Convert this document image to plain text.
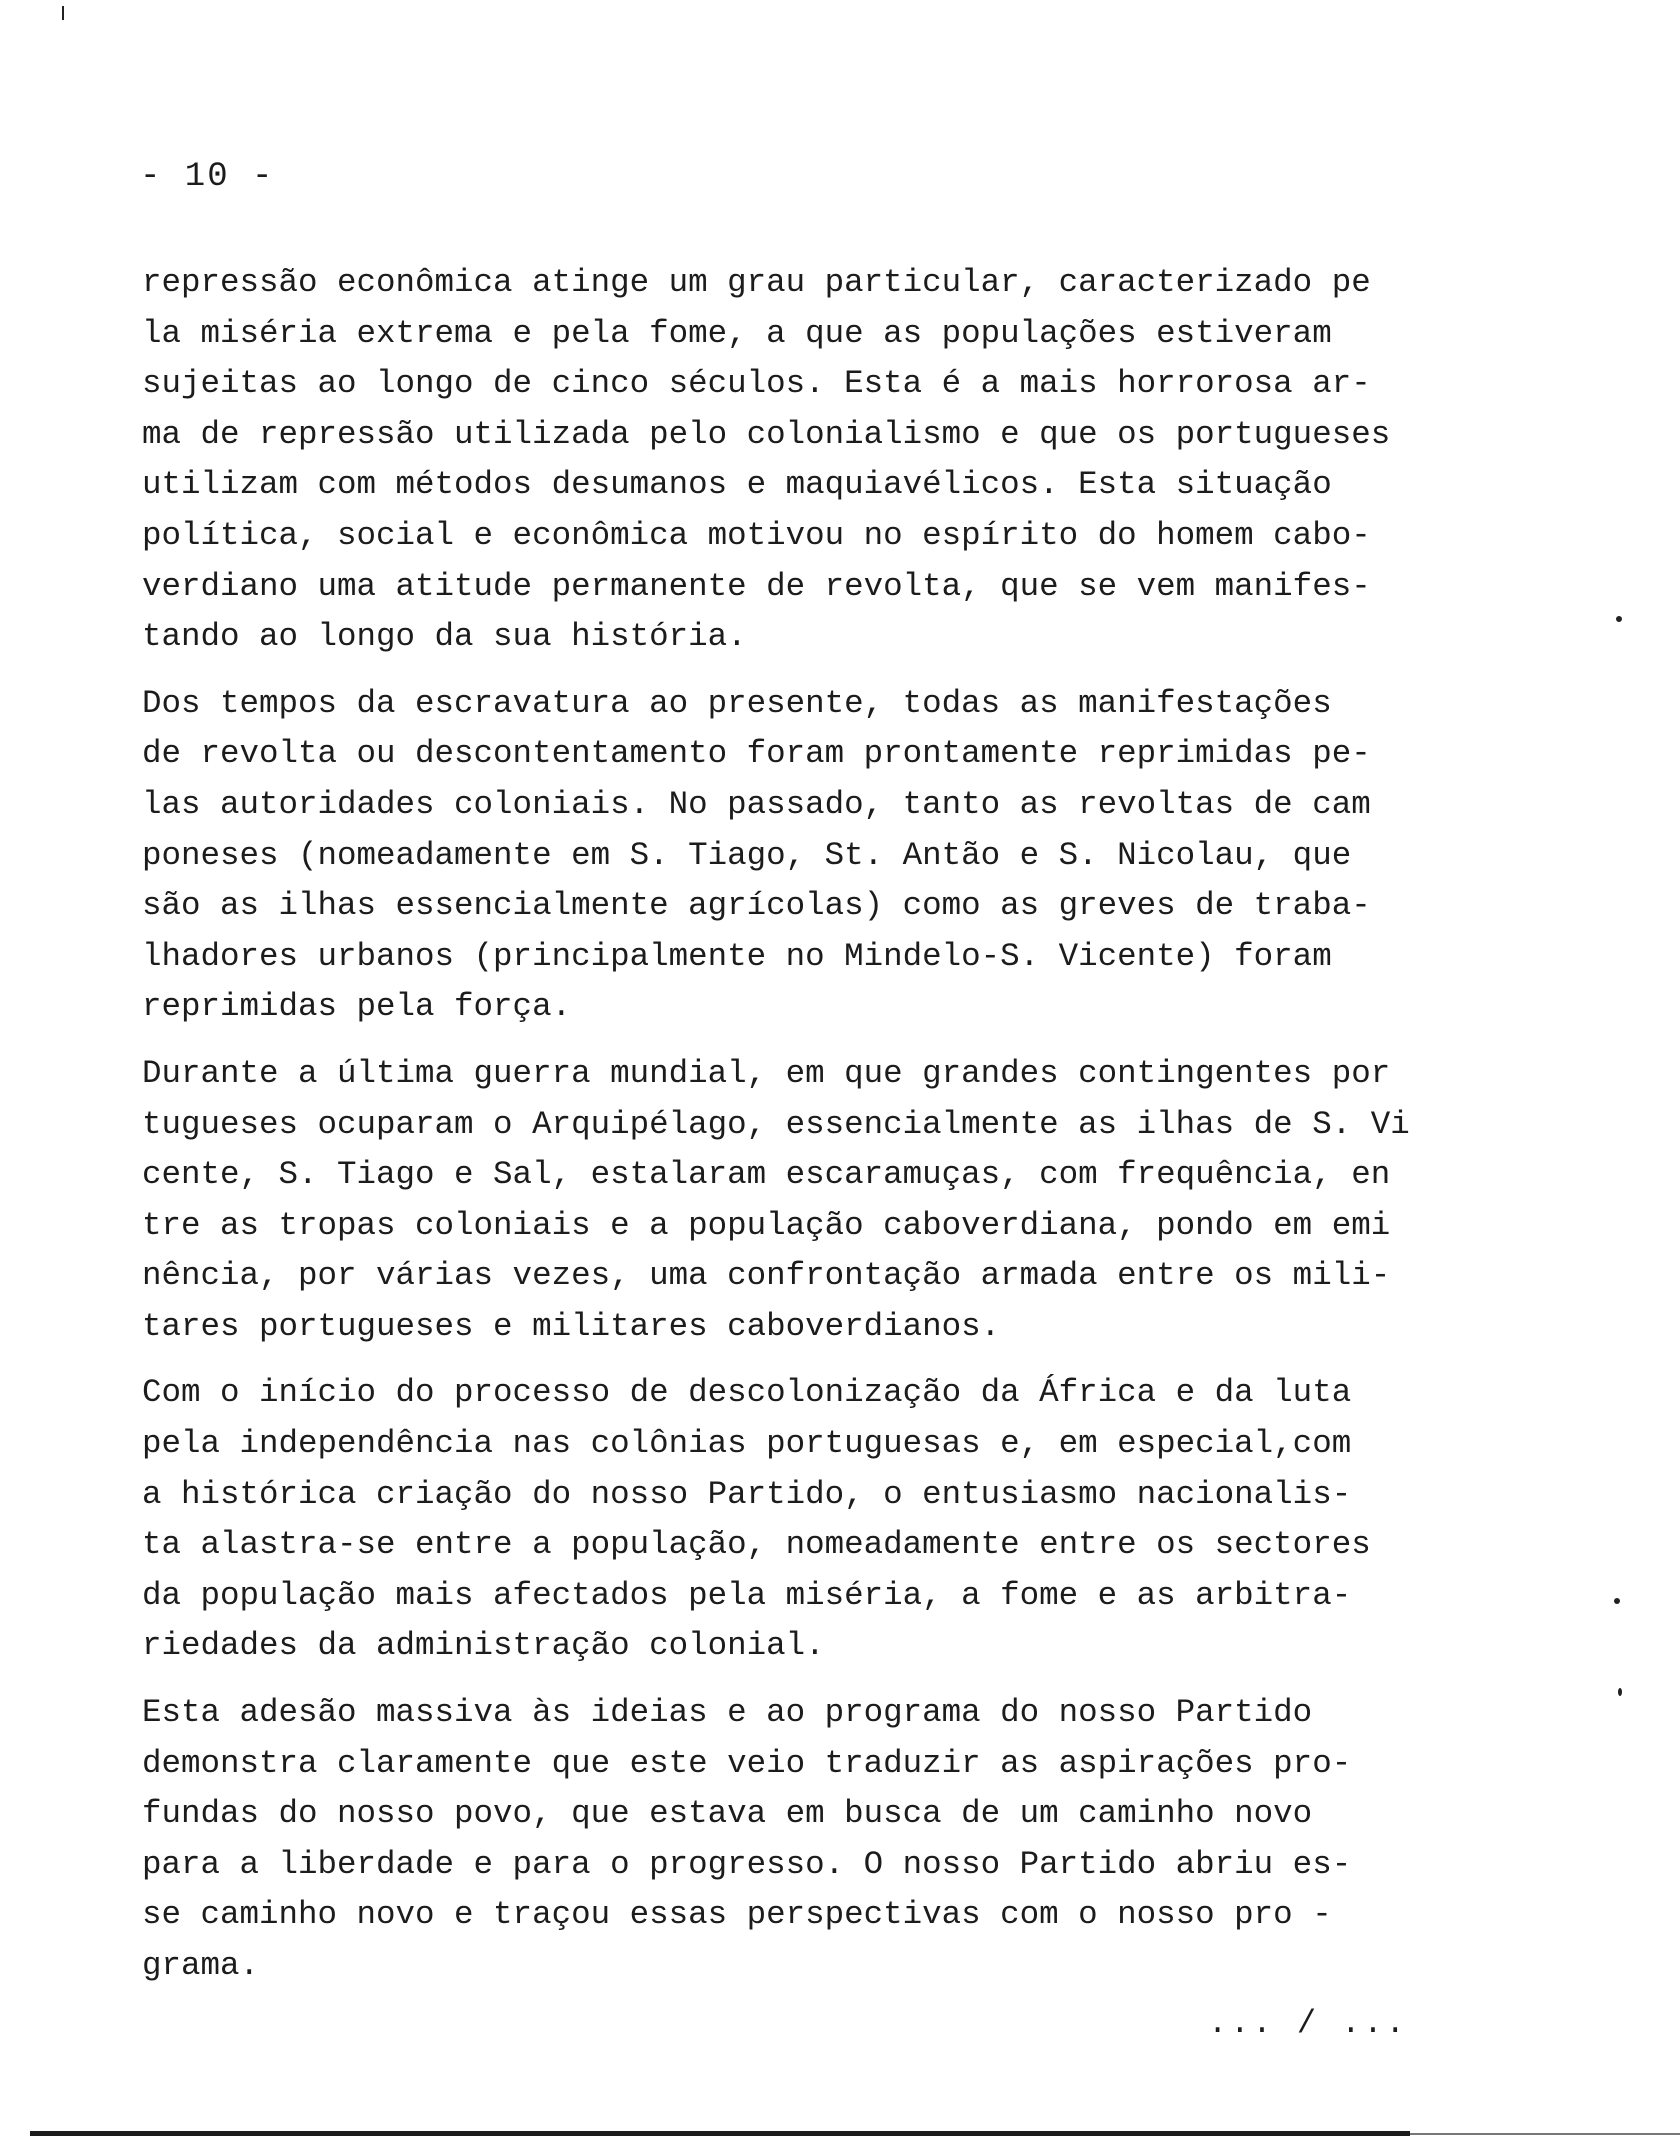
- 10 -
repressão econômica atinge um grau particular, caracterizado pe
la miséria extrema e pela fome, a que as populações estiveram
sujeitas ao longo de cinco séculos. Esta é a mais horrorosa ar-
ma de repressão utilizada pelo colonialismo e que os portugueses
utilizam com métodos desumanos e maquiavélicos. Esta situação
política, social e econômica motivou no espírito do homem cabo-
verdiano uma atitude permanente de revolta, que se vem manifes-
tando ao longo da sua história.
Dos tempos da escravatura ao presente, todas as manifestações
de revolta ou descontentamento foram prontamente reprimidas pe-
las autoridades coloniais. No passado, tanto as revoltas de cam
poneses (nomeadamente em S. Tiago, St. Antão e S. Nicolau, que
são as ilhas essencialmente agrícolas) como as greves de traba-
lhadores urbanos (principalmente no Mindelo-S. Vicente) foram
reprimidas pela força.
Durante a última guerra mundial, em que grandes contingentes por
tugueses ocuparam o Arquipélago, essencialmente as ilhas de S. Vi
cente, S. Tiago e Sal, estalaram escaramuças, com frequência, en
tre as tropas coloniais e a população caboverdiana, pondo em emi
nência, por várias vezes, uma confrontação armada entre os mili-
tares portugueses e militares caboverdianos.
Com o início do processo de descolonização da África e da luta
pela independência nas colônias portuguesas e, em especial,com
a histórica criação do nosso Partido, o entusiasmo nacionalis-
ta alastra-se entre a população, nomeadamente entre os sectores
da população mais afectados pela miséria, a fome e as arbitra-
riedades da administração colonial.
Esta adesão massiva às ideias e ao programa do nosso Partido
demonstra claramente que este veio traduzir as aspirações pro-
fundas do nosso povo, que estava em busca de um caminho novo
para a liberdade e para o progresso. O nosso Partido abriu es-
se caminho novo e traçou essas perspectivas com o nosso pro -
grama.
... / ...
